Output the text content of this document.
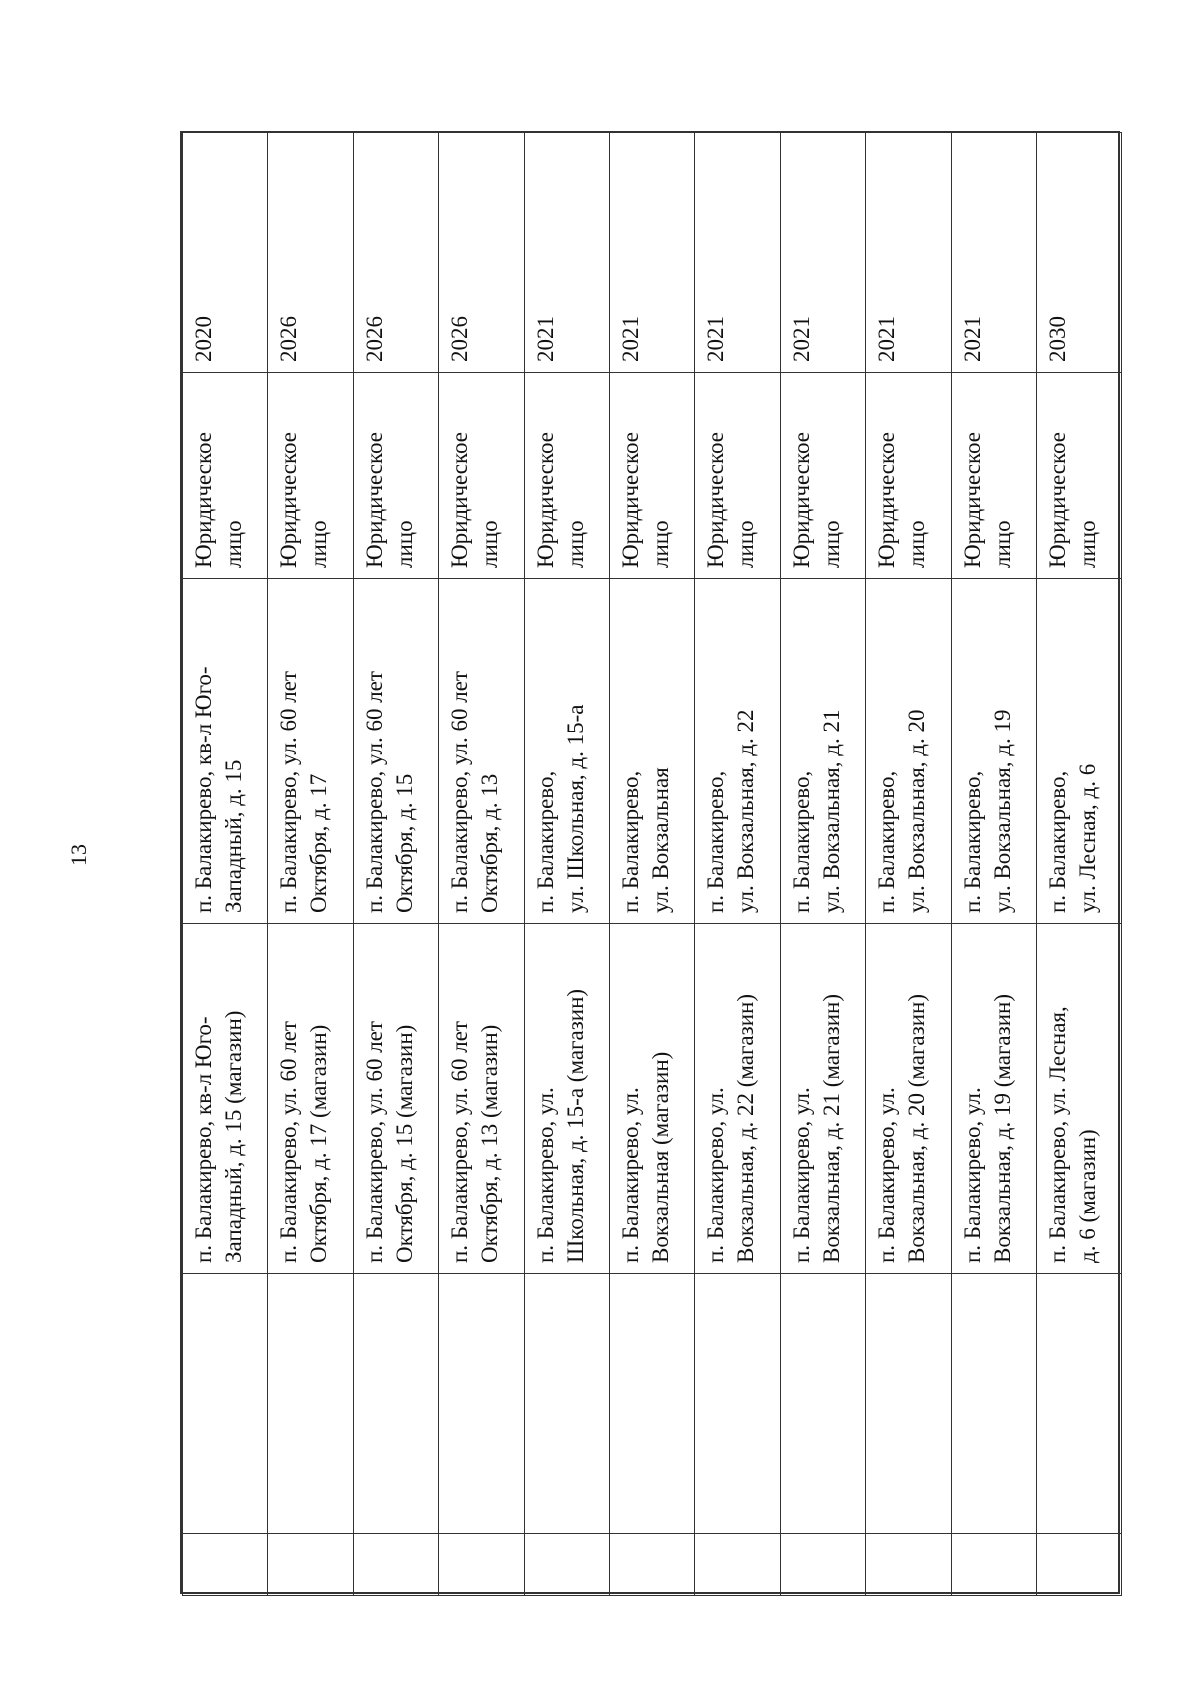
13
		п. Балакирево, кв-л Юго-
Западный, д. 15 (магазин)	п. Балакирево, кв-л Юго-
Западный, д. 15	Юридическое лицо	2020
		п. Балакирево, ул. 60 лет
Октября, д. 17 (магазин)	п. Балакирево, ул. 60 лет
Октября, д. 17	Юридическое лицо	2026
		п. Балакирево, ул. 60 лет
Октября, д. 15 (магазин)	п. Балакирево, ул. 60 лет
Октября, д. 15	Юридическое лицо	2026
		п. Балакирево, ул. 60 лет
Октября, д. 13 (магазин)	п. Балакирево, ул. 60 лет
Октября, д. 13	Юридическое лицо	2026
		п. Балакирево, ул.
Школьная, д. 15-а (магазин)	п. Балакирево,
ул. Школьная, д. 15-а	Юридическое лицо	2021
		п. Балакирево, ул.
Вокзальная (магазин)	п. Балакирево,
ул. Вокзальная	Юридическое лицо	2021
		п. Балакирево, ул.
Вокзальная, д. 22 (магазин)	п. Балакирево,
ул. Вокзальная, д. 22	Юридическое лицо	2021
		п. Балакирево, ул.
Вокзальная, д. 21 (магазин)	п. Балакирево,
ул. Вокзальная, д. 21	Юридическое лицо	2021
		п. Балакирево, ул.
Вокзальная, д. 20 (магазин)	п. Балакирево,
ул. Вокзальная, д. 20	Юридическое лицо	2021
		п. Балакирево, ул.
Вокзальная, д. 19 (магазин)	п. Балакирево,
ул. Вокзальная, д. 19	Юридическое лицо	2021
		п. Балакирево, ул. Лесная,
д. 6 (магазин)	п. Балакирево,
ул. Лесная, д. 6	Юридическое лицо	2030
